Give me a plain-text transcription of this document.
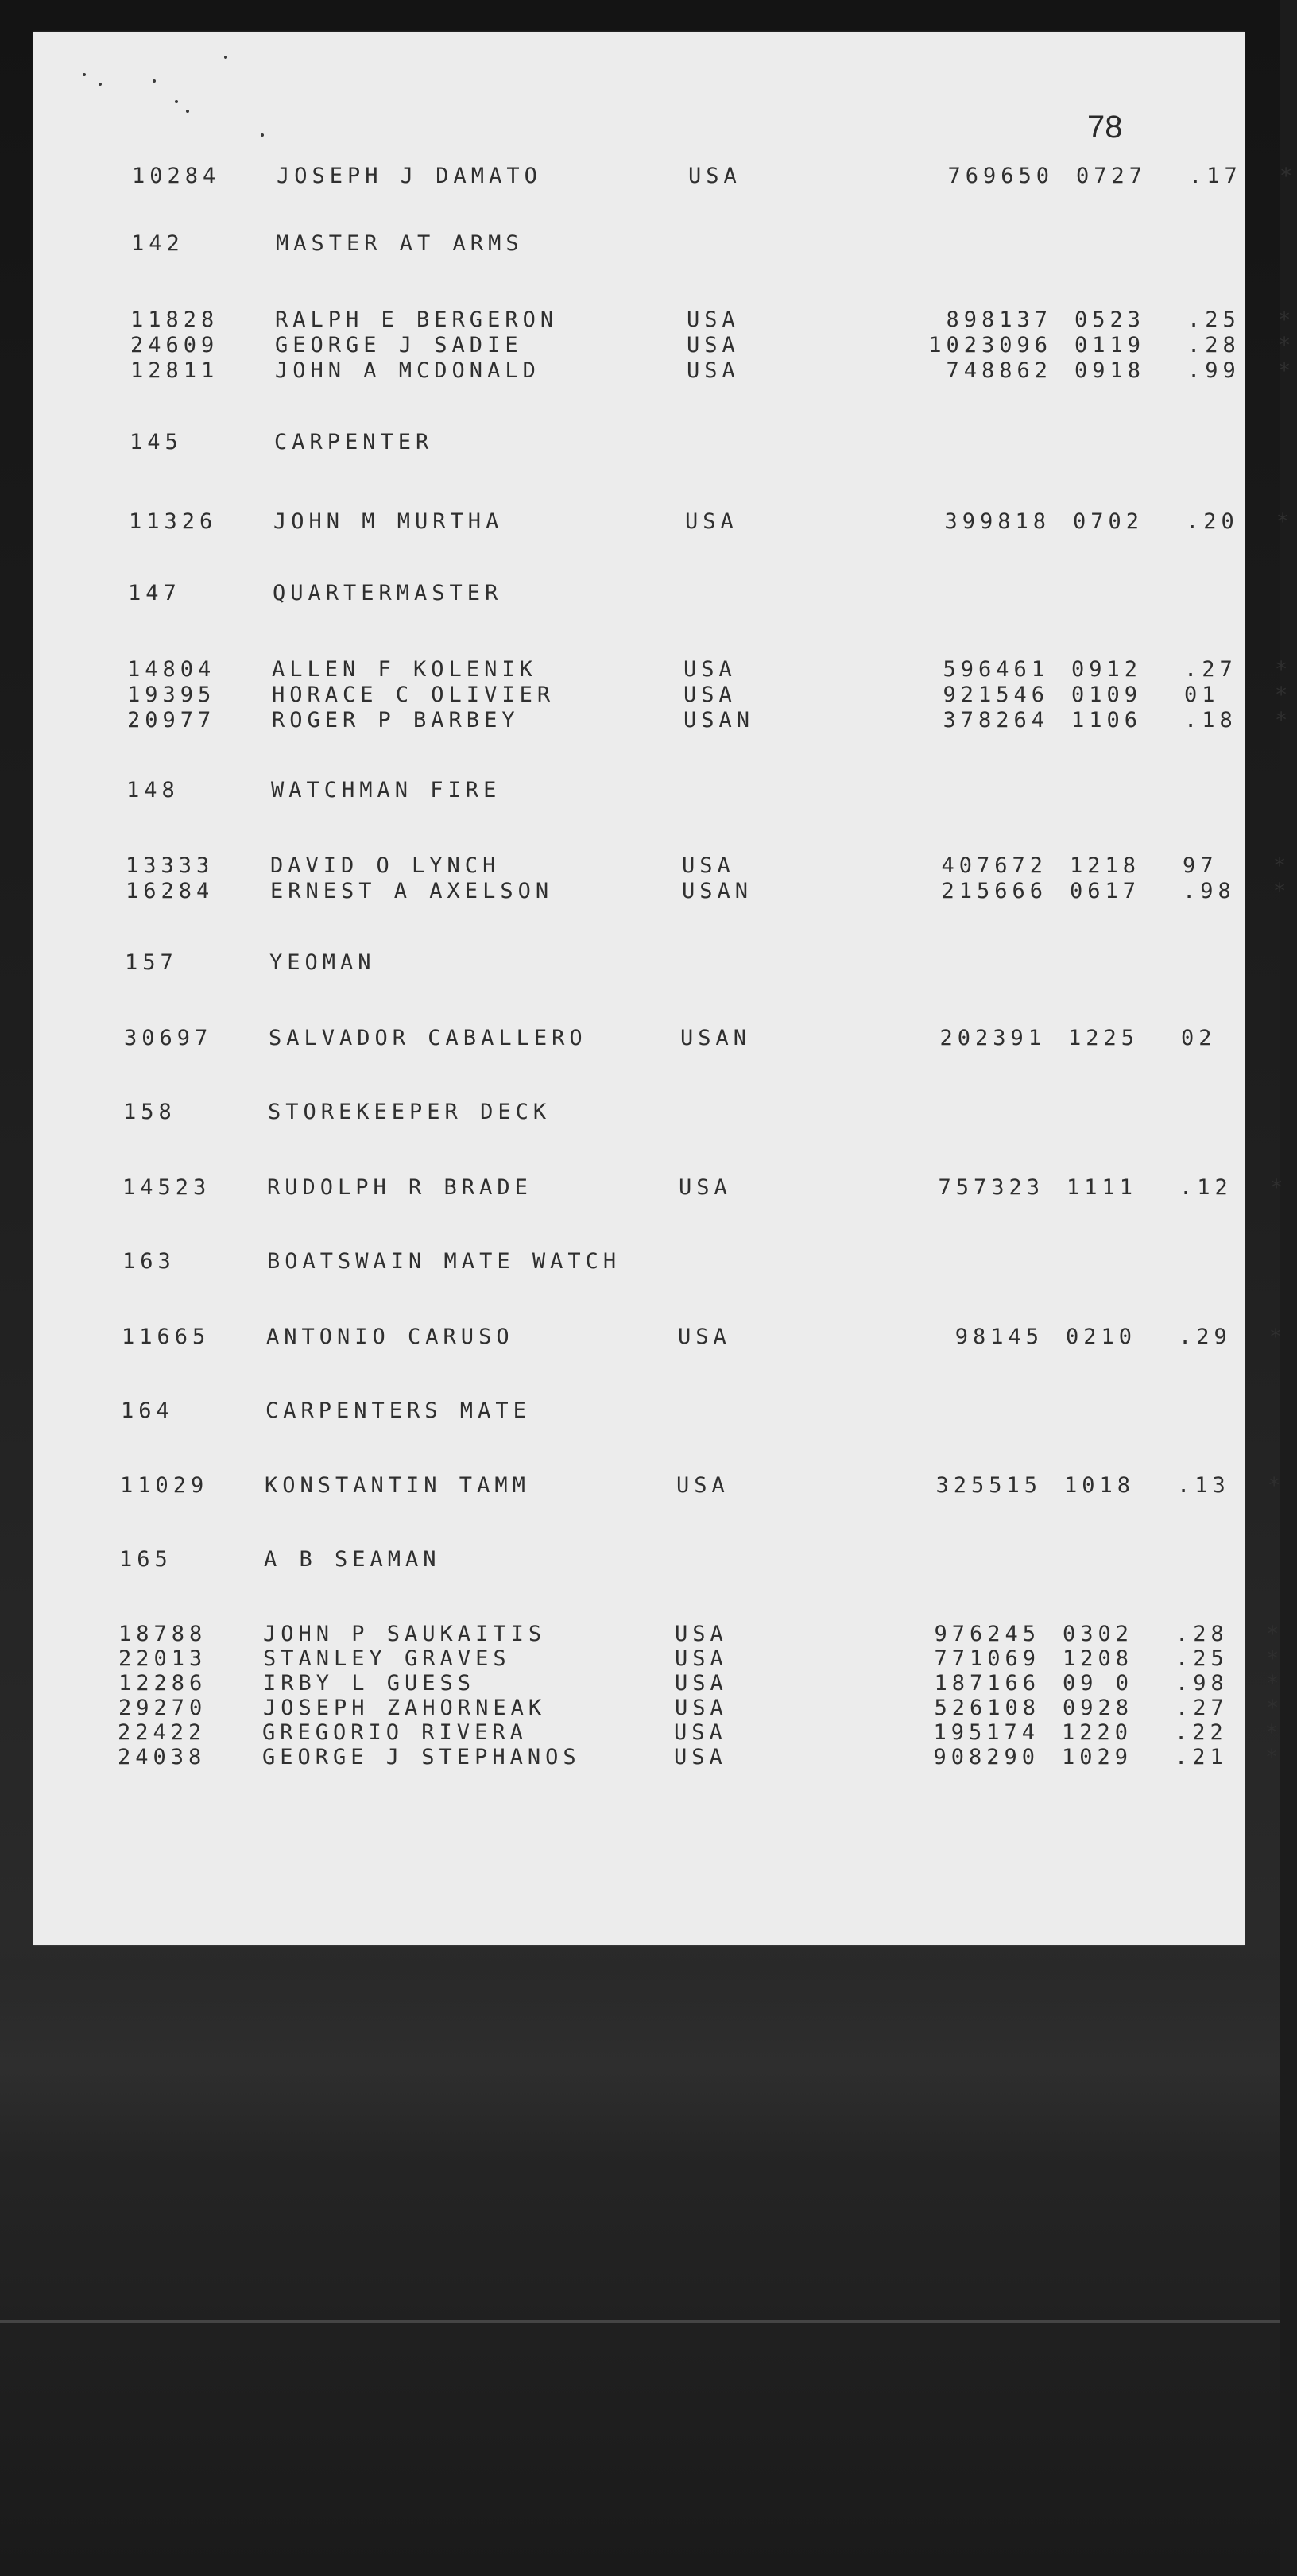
78
10284	JOSEPH J DAMATO	USA	769650 0727 .17 *
142	MASTER AT ARMS
11828	RALPH E BERGERON	USA	898137 0523 .25 *
24609	GEORGE J SADIE	USA	1023096 0119 .28 *
12811	JOHN A MCDONALD	USA	748862 0918 .99 *
145	CARPENTER
11326	JOHN M MURTHA	USA	399818 0702 .20 *
147	QUARTERMASTER
14804	ALLEN F KOLENIK	USA	596461 0912 .27 *
19395	HORACE C OLIVIER	USA	921546 0109 01	*
20977	ROGER P BARBEY	USAN	378264 1106 .18 *
148	WATCHMAN FIRE
13333	DAVID O LYNCH	USA	407672 1218 97	*
16284	ERNEST A AXELSON	USAN	215666 0617 .98 *
157	YEOMAN
30697	SALVADOR CABALLERO	USAN	202391 1225 02
158	STOREKEEPER DECK
14523	RUDOLPH R BRADE	USA	757323 1111 .12 *
163	BOATSWAIN MATE WATCH
11665	ANTONIO CARUSO	USA	98145 0210 .29 *
164	CARPENTERS MATE
11029	KONSTANTIN TAMM	USA	325515 1018 .13 *
165	A B SEAMAN
18788	JOHN P SAUKAITIS	USA	976245 0302 .28 *
22013	STANLEY GRAVES	USA	771069 1208 .25 *
12286	IRBY L GUESS	USA	187166 09 0 .98 *
29270	JOSEPH ZAHORNEAK	USA	526108 0928 .27 *
22422	GREGORIO RIVERA	USA	195174 1220 .22 *
24038	GEORGE J STEPHANOS	USA	908290 1029 .21 *
